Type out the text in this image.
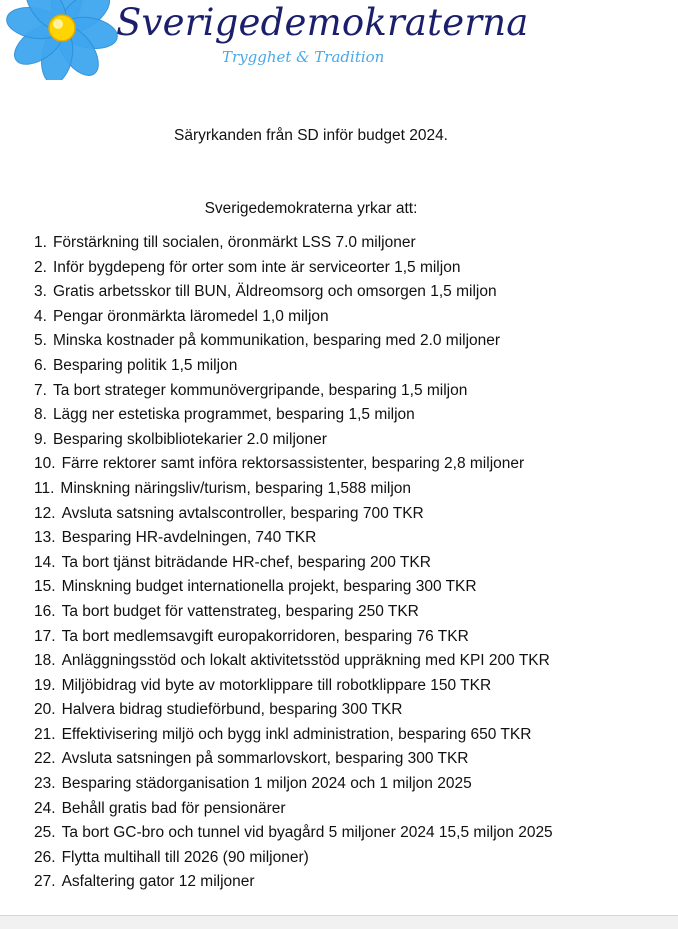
Sverigedemokraterna
Trygghet & Tradition
Säryrkanden från SD inför budget 2024.
Sverigedemokraterna yrkar att:
1. Förstärkning till socialen, öronmärkt LSS 7.0 miljoner
2. Inför bygdepeng för orter som inte är serviceorter 1,5 miljon
3. Gratis arbetsskor till BUN, Äldreomsorg och omsorgen 1,5 miljon
4. Pengar öronmärkta läromedel 1,0 miljon
5. Minska kostnader på kommunikation, besparing med 2.0 miljoner
6. Besparing politik 1,5 miljon
7. Ta bort strateger kommunövergripande, besparing 1,5 miljon
8. Lägg ner estetiska programmet, besparing 1,5 miljon
9. Besparing skolbibliotekarier 2.0 miljoner
10. Färre rektorer samt införa rektorsassistenter, besparing 2,8 miljoner
11. Minskning näringsliv/turism, besparing 1,588 miljon
12. Avsluta satsning avtalscontroller, besparing 700 TKR
13. Besparing HR-avdelningen, 740 TKR
14. Ta bort tjänst biträdande HR-chef, besparing 200 TKR
15. Minskning budget internationella projekt, besparing 300 TKR
16. Ta bort budget för vattenstrateg, besparing 250 TKR
17. Ta bort medlemsavgift europakorridoren, besparing 76 TKR
18. Anläggningsstöd och lokalt aktivitetsstöd uppräkning med KPI 200 TKR
19. Miljöbidrag vid byte av motorklippare till robotklippare 150 TKR
20. Halvera bidrag studieförbund, besparing 300 TKR
21. Effektivisering miljö och bygg inkl administration, besparing 650 TKR
22. Avsluta satsningen på sommarlovskort, besparing 300 TKR
23. Besparing städorganisation 1 miljon 2024 och 1 miljon 2025
24. Behåll gratis bad för pensionärer
25. Ta bort GC-bro och tunnel vid byagård 5 miljoner 2024 15,5 miljon 2025
26. Flytta multihall till 2026 (90 miljoner)
27. Asfaltering gator 12 miljoner
